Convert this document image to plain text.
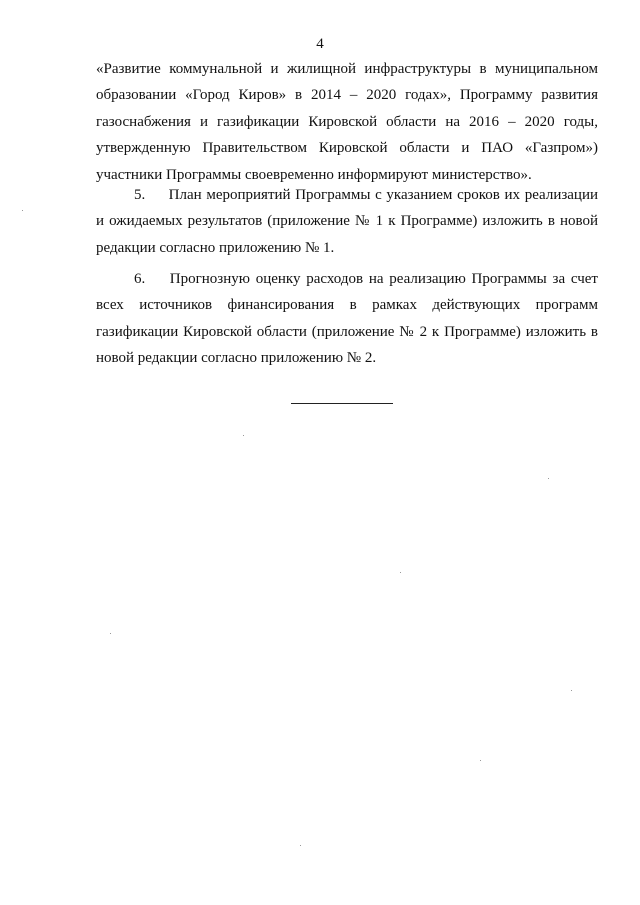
4
«Развитие коммунальной и жилищной инфраструктуры в муниципальном
образовании «Город Киров» в 2014 – 2020 годах», Программу развития
газоснабжения и газификации Кировской области на 2016 – 2020 годы,
утвержденную Правительством Кировской области и ПАО «Газпром»)
участники Программы своевременно информируют министерство».
5. План мероприятий Программы с указанием сроков их реализации
и ожидаемых результатов (приложение № 1 к Программе) изложить в новой
редакции согласно приложению № 1.
6. Прогнозную оценку расходов на реализацию Программы за счет
всех источников финансирования в рамках действующих программ
газификации Кировской области (приложение № 2 к Программе) изложить в
новой редакции согласно приложению № 2.
